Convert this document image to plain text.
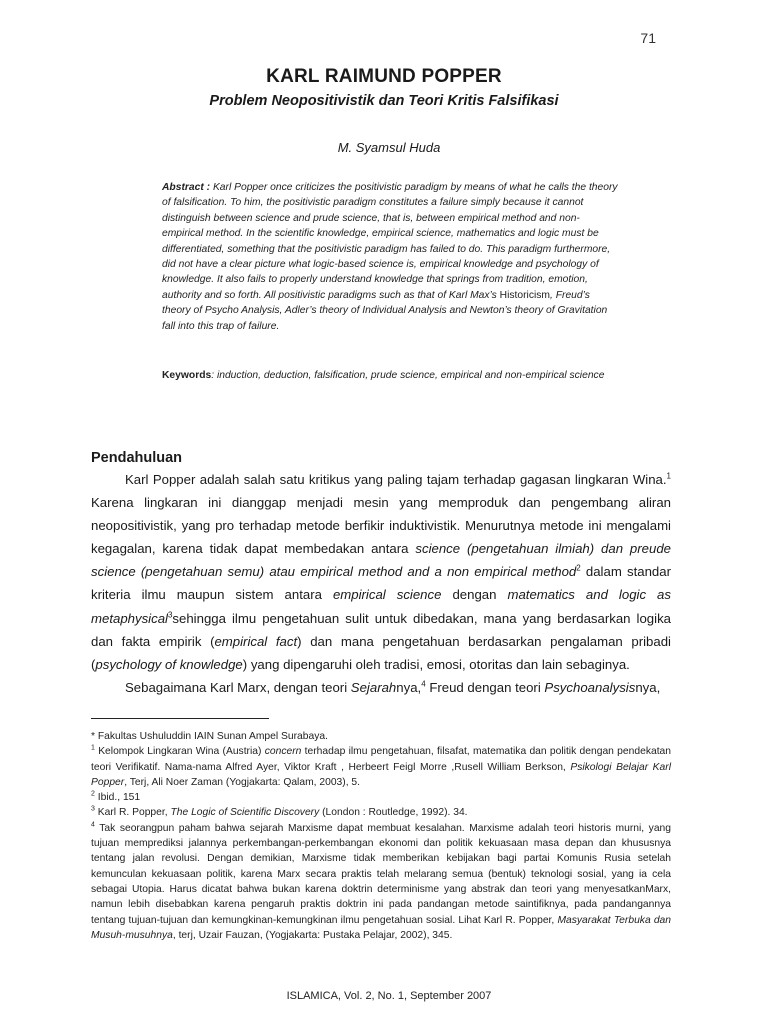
71
KARL RAIMUND POPPER
Problem Neopositivistik dan Teori Kritis Falsifikasi
M. Syamsul Huda
Abstract : Karl Popper once criticizes the positivistic paradigm by means of what he calls the theory of falsification. To him, the positivistic paradigm constitutes a failure simply because it cannot distinguish between science and prude science, that is, between empirical method and non-empirical method. In the scientific knowledge, empirical science, mathematics and logic must be differentiated, something that the positivistic paradigm has failed to do. This paradigm furthermore, did not have a clear picture what logic-based science is, empirical knowledge and psychology of knowledge. It also fails to properly understand knowledge that springs from tradition, emotion, authority and so forth. All positivistic paradigms such as that of Karl Max’s Historicism, Freud’s theory of Psycho Analysis, Adler’s theory of Individual Analysis and Newton’s theory of Gravitation fall into this trap of failure.
Keywords: induction, deduction, falsification, prude science, empirical and non-empirical science
Pendahuluan

Karl Popper adalah salah satu kritikus yang paling tajam terhadap gagasan lingkaran Wina.$^1$ Karena lingkaran ini dianggap menjadi mesin yang memproduk dan pengembang aliran neopositivistik, yang pro terhadap metode berfikir induktivistik. Menurutnya metode ini mengalami kegagalan, karena tidak dapat membedakan antara science (pengetahuan ilmiah) dan preude science (pengetahuan semu) atau empirical method and a non empirical method$^2$ dalam standar kriteria ilmu maupun sistem antara empirical science dengan matematics and logic as metaphysical$^3$sehingga ilmu pengetahuan sulit untuk dibedakan, mana yang berdasarkan logika dan fakta empirik (empirical fact) dan mana pengetahuan berdasarkan pengalaman pribadi (psychology of knowledge) yang dipengaruhi oleh tradisi, emosi, otoritas dan lain sebaginya.

Sebagaimana Karl Marx, dengan teori Sejarahnya,$^4$ Freud dengan teori Psychoanalysisnya,

* Fakultas Ushuluddin IAIN Sunan Ampel Surabaya.
$^1$ Kelompok Lingkaran Wina (Austria) concern terhadap ilmu pengetahuan, filsafat, matematika dan politik dengan pendekatan teori Verifikatif. Nama-nama Alfred Ayer, Viktor Kraft , Herbeert Feigl Morre ,Rusell William Berkson, Psikologi Belajar Karl Popper, Terj, Ali Noer Zaman (Yogjakarta: Qalam, 2003), 5.
$^2$ Ibid., 151
$^3$ Karl R. Popper, The Logic of Scientific Discovery (London : Routledge, 1992). 34.
$^4$ Tak seorangpun paham bahwa sejarah Marxisme dapat membuat kesalahan. Marxisme adalah teori historis murni, yang tujuan memprediksi jalannya perkembangan-perkembangan ekonomi dan politik kekuasaan masa depan dan khususnya tentang jalan revolusi. Dengan demikian, Marxisme tidak memberikan kebijakan bagi partai Komunis Rusia setelah kemunculan kekuasaan politik, karena Marx secara praktis telah melarang semua (bentuk) teknologi sosial, yang ia cela sebagai Utopia. Harus dicatat bahwa bukan karena doktrin determinisme yang abstrak dan teori yang menyesatkanMarx, namun lebih disebabkan karena pengaruh praktis doktrin ini pada pandangan metode saintifiknya, pada pandangannya tentang tujuan-tujuan dan kemungkinan-kemungkinan ilmu pengetahuan sosial. Lihat Karl R. Popper, Masyarakat Terbuka dan Musuh-musuhnya, terj, Uzair Fauzan, (Yogjakarta: Pustaka Pelajar, 2002), 345.
ISLAMICA, Vol. 2, No. 1, September 2007
